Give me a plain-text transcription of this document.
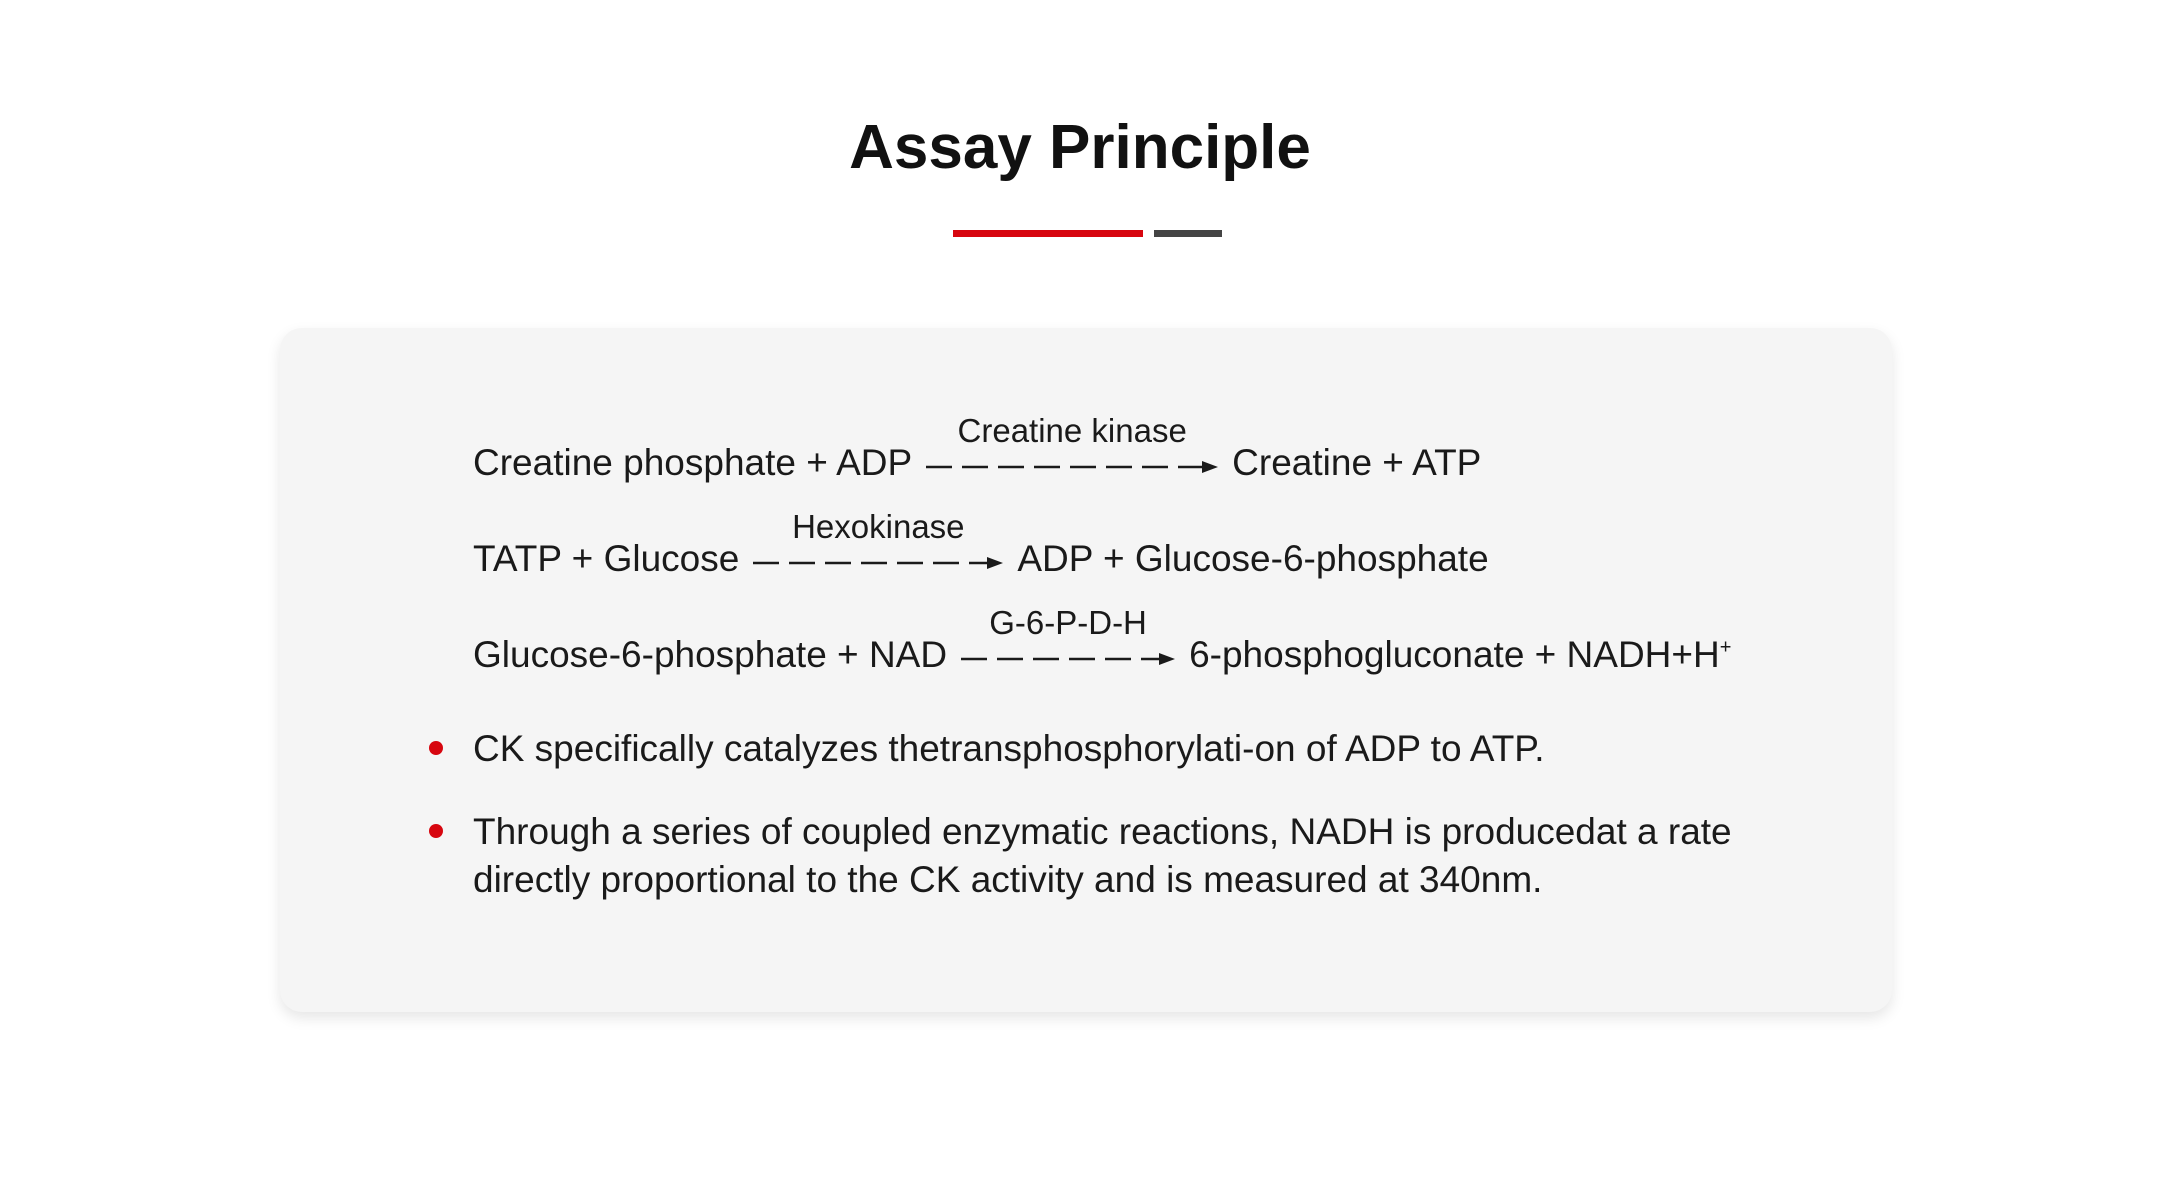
Assay Principle
Creatine phosphate + ADP
Creatine kinase
Creatine + ATP
TATP + Glucose
Hexokinase
ADP + Glucose-6-phosphate
Glucose-6-phosphate + NAD
G-6-P-D-H
6-phosphogluconate + NADH+H+
CK specifically catalyzes thetransphosphorylati-on of ADP to ATP.
Through a series of coupled enzymatic reactions, NADH is producedat a rate directly proportional to the CK activity and is measured at 340nm.
